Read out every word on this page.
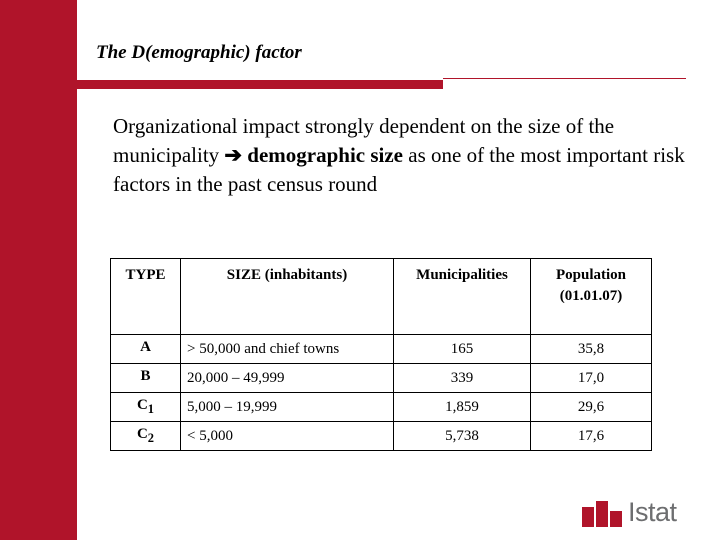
The D(emographic) factor
Organizational impact strongly dependent on the size of the municipality ➔ demographic size as one of the most important risk factors in the past census round
TYPE	SIZE (inhabitants)	Municipalities	Population (01.01.07)

A	> 50,000 and chief towns	165	35,8
B	20,000 – 49,999	339	17,0
$C_1$	5,000 – 19,999	1,859	29,6
$C_2$	< 5,000	5,738	17,6
Istat
